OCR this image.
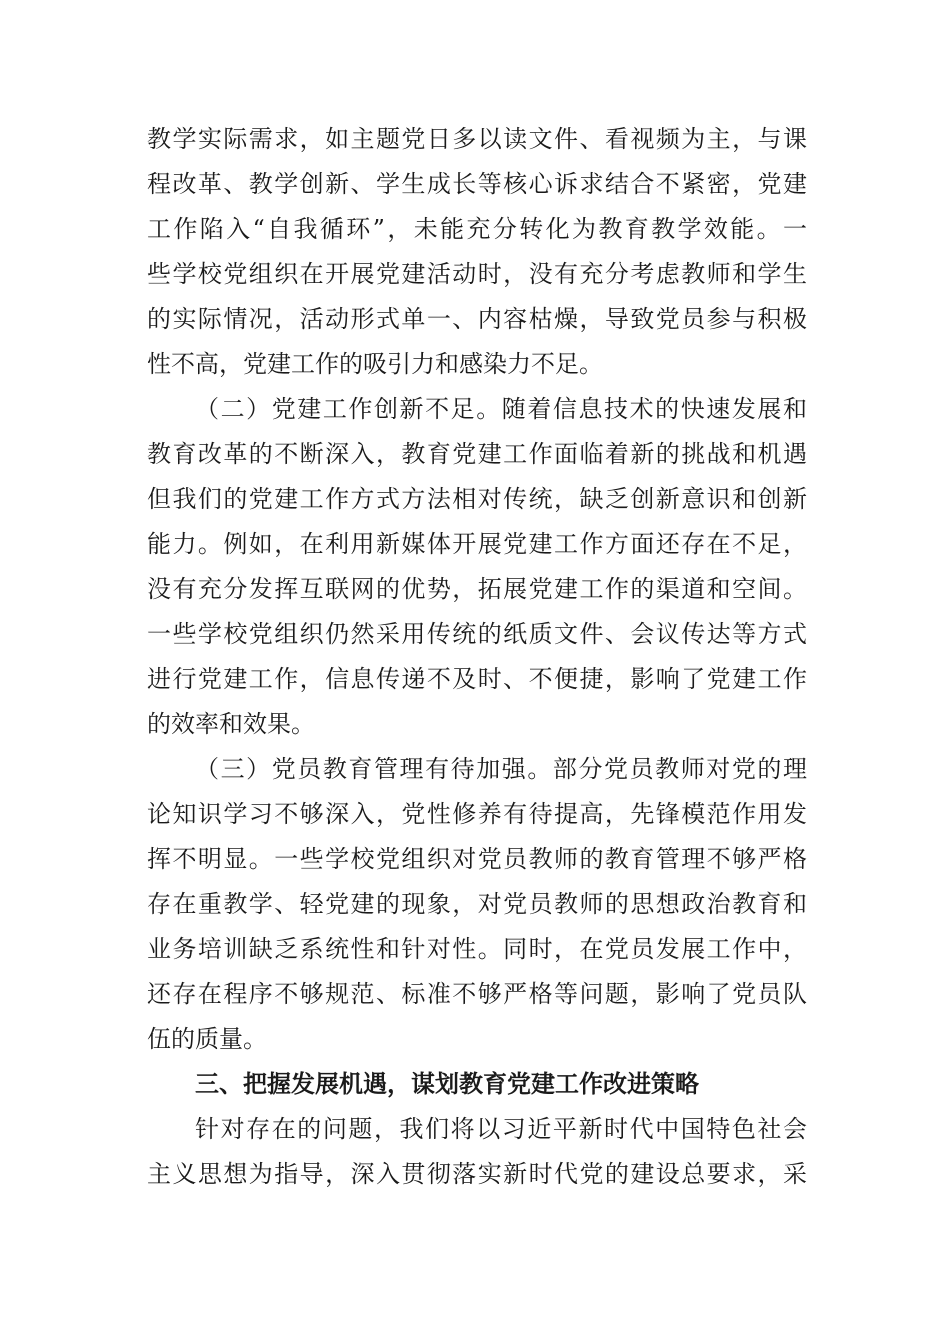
教学实际需求，如主题党日多以读文件、看视频为主，与课
程改革、教学创新、学生成长等核心诉求结合不紧密，党建
工作陷入“自我循环”，未能充分转化为教育教学效能。一
些学校党组织在开展党建活动时，没有充分考虑教师和学生
的实际情况，活动形式单一、内容枯燥，导致党员参与积极
性不高，党建工作的吸引力和感染力不足。
（二）党建工作创新不足。随着信息技术的快速发展和
教育改革的不断深入，教育党建工作面临着新的挑战和机遇
但我们的党建工作方式方法相对传统，缺乏创新意识和创新
能力。例如，在利用新媒体开展党建工作方面还存在不足，
没有充分发挥互联网的优势，拓展党建工作的渠道和空间。
一些学校党组织仍然采用传统的纸质文件、会议传达等方式
进行党建工作，信息传递不及时、不便捷，影响了党建工作
的效率和效果。
（三）党员教育管理有待加强。部分党员教师对党的理
论知识学习不够深入，党性修养有待提高，先锋模范作用发
挥不明显。一些学校党组织对党员教师的教育管理不够严格
存在重教学、轻党建的现象，对党员教师的思想政治教育和
业务培训缺乏系统性和针对性。同时，在党员发展工作中，
还存在程序不够规范、标准不够严格等问题，影响了党员队
伍的质量。
三、把握发展机遇，谋划教育党建工作改进策略
针对存在的问题，我们将以习近平新时代中国特色社会
主义思想为指导，深入贯彻落实新时代党的建设总要求，采
